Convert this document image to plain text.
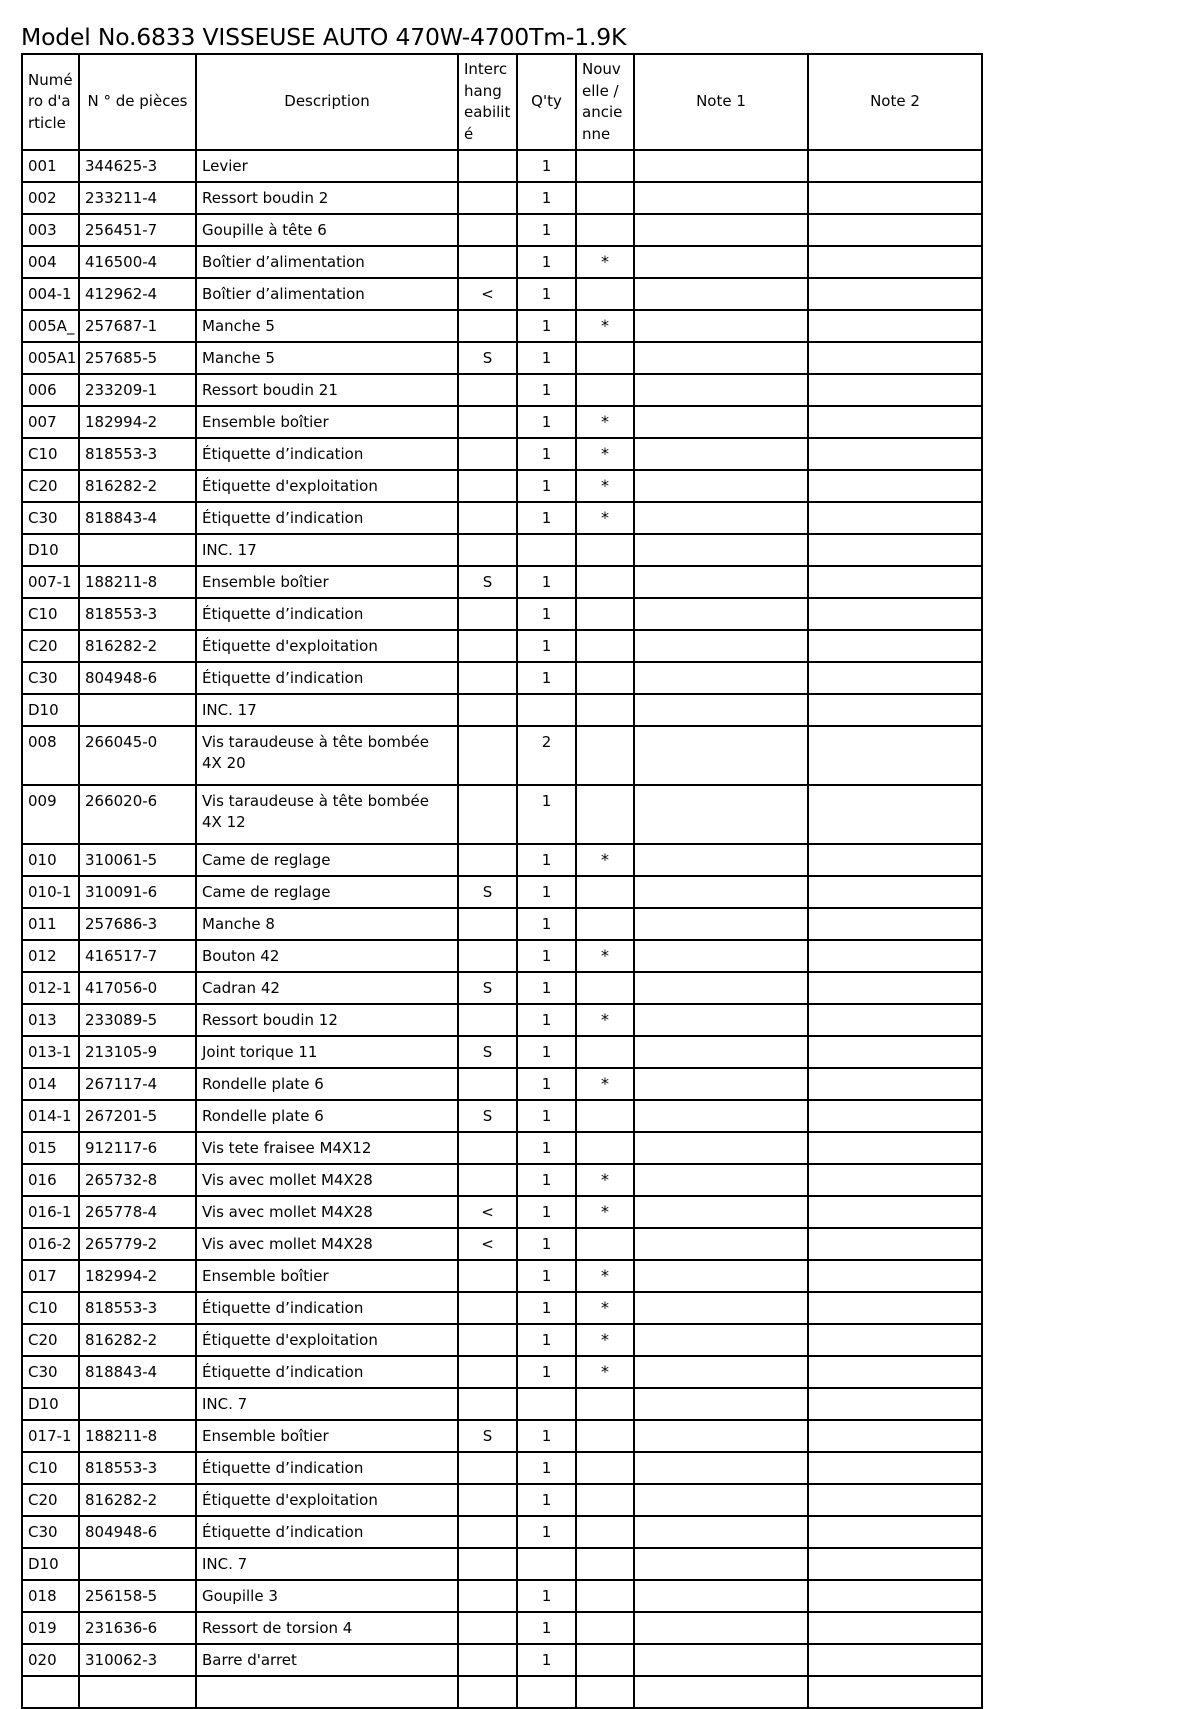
Model No.6833 VISSEUSE AUTO 470W-4700Tm-1.9K
Numé ro d'a rticle	N ° de pièces	Description	Interc hang eabilit é	Q'ty	Nouv elle / ancie nne	Note 1	Note 2
001	344625-3	Levier		1			
002	233211-4	Ressort boudin 2		1			
003	256451-7	Goupille à tête 6		1			
004	416500-4	Boîtier d’alimentation		1	*		
004-1	412962-4	Boîtier d’alimentation	<	1			
005A_	257687-1	Manche 5		1	*		
005A1	257685-5	Manche 5	S	1			
006	233209-1	Ressort boudin 21		1			
007	182994-2	Ensemble boîtier		1	*		
C10	818553-3	Étiquette d’indication		1	*		
C20	816282-2	Étiquette d'exploitation		1	*		
C30	818843-4	Étiquette d’indication		1	*		
D10		INC. 17					
007-1	188211-8	Ensemble boîtier	S	1			
C10	818553-3	Étiquette d’indication		1			
C20	816282-2	Étiquette d'exploitation		1			
C30	804948-6	Étiquette d’indication		1			
D10		INC. 17					
008	266045-0	Vis taraudeuse à tête bombée 4X 20		2			
009	266020-6	Vis taraudeuse à tête bombée 4X 12		1			
010	310061-5	Came de reglage		1	*		
010-1	310091-6	Came de reglage	S	1			
011	257686-3	Manche 8		1			
012	416517-7	Bouton 42		1	*		
012-1	417056-0	Cadran 42	S	1			
013	233089-5	Ressort boudin 12		1	*		
013-1	213105-9	Joint torique 11	S	1			
014	267117-4	Rondelle plate 6		1	*		
014-1	267201-5	Rondelle plate 6	S	1			
015	912117-6	Vis tete fraisee M4X12		1			
016	265732-8	Vis avec mollet M4X28		1	*		
016-1	265778-4	Vis avec mollet M4X28	<	1	*		
016-2	265779-2	Vis avec mollet M4X28	<	1			
017	182994-2	Ensemble boîtier		1	*		
C10	818553-3	Étiquette d’indication		1	*		
C20	816282-2	Étiquette d'exploitation		1	*		
C30	818843-4	Étiquette d’indication		1	*		
D10		INC. 7					
017-1	188211-8	Ensemble boîtier	S	1			
C10	818553-3	Étiquette d’indication		1			
C20	816282-2	Étiquette d'exploitation		1			
C30	804948-6	Étiquette d’indication		1			
D10		INC. 7					
018	256158-5	Goupille 3		1			
019	231636-6	Ressort de torsion 4		1			
020	310062-3	Barre d'arret		1			
